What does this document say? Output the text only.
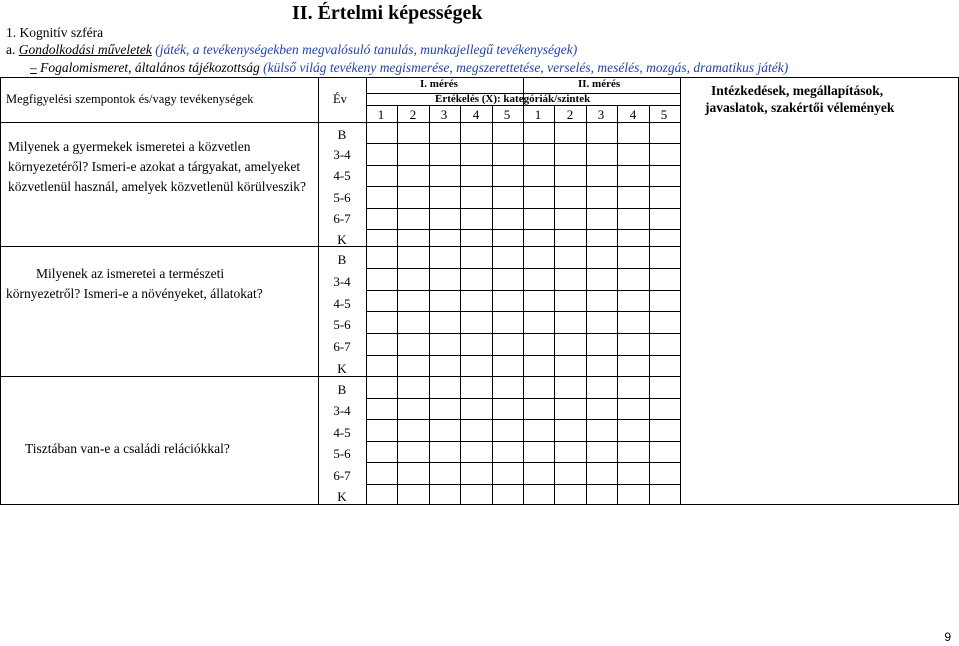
II. Értelmi képességek
1. Kognitív szféra
a. Gondolkodási műveletek (játék, a tevékenységekben megvalósuló tanulás, munkajellegű tevékenységek)
– Fogalomismeret, általános tájékozottság (külső világ tevékeny megismerése, megszerettetése, verselés, mesélés, mozgás, dramatikus játék)
Megfigyelési szempontok és/vagy tevékenységek	Év
I. mérés	II. mérés
Értékelés (X): kategóriák/szintek
Intézkedések, megállapítások,
javaslatok, szakértői vélemények
1	2	3	4	5	1	2	3	4	5
Milyenek a gyermekek ismeretei a közvetlen környezetéről? Ismeri-e azokat a tárgyakat, amelyeket közvetlenül használ, amelyek közvetlenül körülveszik?
B
3-4
4-5
5-6
6-7
K
Milyenek az ismeretei a természeti környezetről? Ismeri-e a növényeket, állatokat?
B
3-4
4-5
5-6
6-7
K
Tisztában van-e a családi relációkkal?
B
3-4
4-5
5-6
6-7
K
9
